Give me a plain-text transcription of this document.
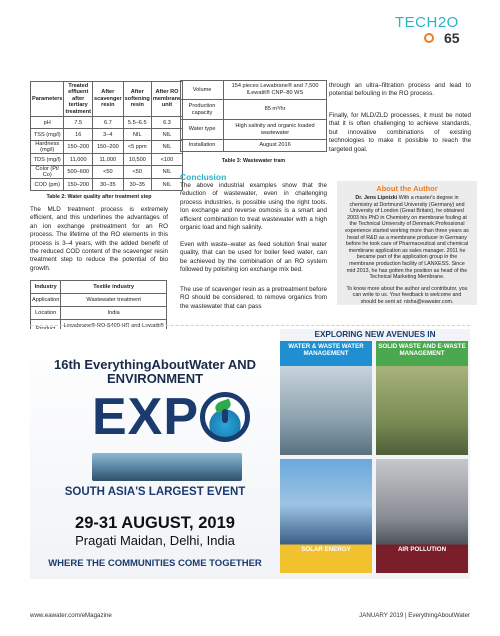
TECH2O
65
Parameters	Treated effluent after tertiary treatment	After scavenger resin	After softening resin	After RO membrane unit
pH	7.5	6.7	5.5–6.5	6.3
TSS (mg/l)	16	3–4	NIL	NIL
Hardness (mg/l)	150–200	150–200	<5 ppm	NIL
TDS (mg/l)	11,000	11,000	10,500	<100
Color (Pt/ Co)	500–600	<50	<50	NIL
COD (pm)	150–200	30–35	30–35	NIL
Table 2: Water quality after treatment step
The MLD treatment process is extremely efficient, and this underlines the advantages of an ion exchange pretreatment for an RO process. The lifetime of the RO elements in this process is 3–4 years, with the added benefit of the reduced COD content of the scavenger resin treatment step to reduce the potential of bio growth.
Industry	Textile industry
Application	Wastewater treatment
Location	India
	Lewabrane® RO S400 HR and Lewatit®
Volume	154 pieces Lewabrane® and 7,500 lLewatit® CNP–80 WS
Production capacity	85 m³/hr
Water type	High salinity and organic loaded wastewater
Installation	August 2016
Table 3: Wastewater tram
Conclusion
The above industrial examples show that the reduction of wastewater, even in challenging process industries, is possible using the right tools. Ion exchange and reverse osmosis is a smart and efficient combination to treat wastewater with a high organic load and high salinity.
Even with waste–water as feed solution final water quality, that can be used for boiler feed water, can be achieved by the combination of an RO system followed by polishing ion exchange mix bed.
The use of scavenger resin as a pretreatment before RO should be considered, to remove organics from the wastewater that can pass
through an ultra–filtration process and lead to potential befouling in the RO process.
Finally, for MLD/ZLD processes, it must be noted that it is often challenging to achieve standards, but innovative combinations of existing technologies to make it possible to reach the targeted goal.
About the Author
Dr. Jens Lipnizki With a master's degree in chemistry at Dortmund University (Germany) and University of London (Great Britain), he obtained 2003 his PhD in Chemistry on membrane fouling at the Technical University of Denmark.Professional experience started working more than three years as head of R&D as a membrane producer in Germany before he took care of Pharmaceutical and chemical membrane application as sales manager. 2011 he became part of the application group in the membrane production facility of LANXESS. Since mid 2013, he has gotten the position as head of the Technical Marketing Membrane.
To know more about the author and contributor, you can write to us. Your feedback is welcome and should be sent at: nisha@eawater.com.
16th EverythingAboutWater AND ENVIRONMENT
EXP
SOUTH ASIA'S LARGEST EVENT
29-31 AUGUST, 2019
Pragati Maidan, Delhi, India
WHERE THE COMMUNITIES COME TOGETHER
EXPLORING NEW AVENUES IN
WATER & WASTE WATER MANAGEMENT
SOLID WASTE AND E-WASTE MANAGEMENT
SOLAR ENERGY	AIR POLLUTION
www.eawater.com/eMagazine	JANUARY 2019 | EverythingAboutWater
